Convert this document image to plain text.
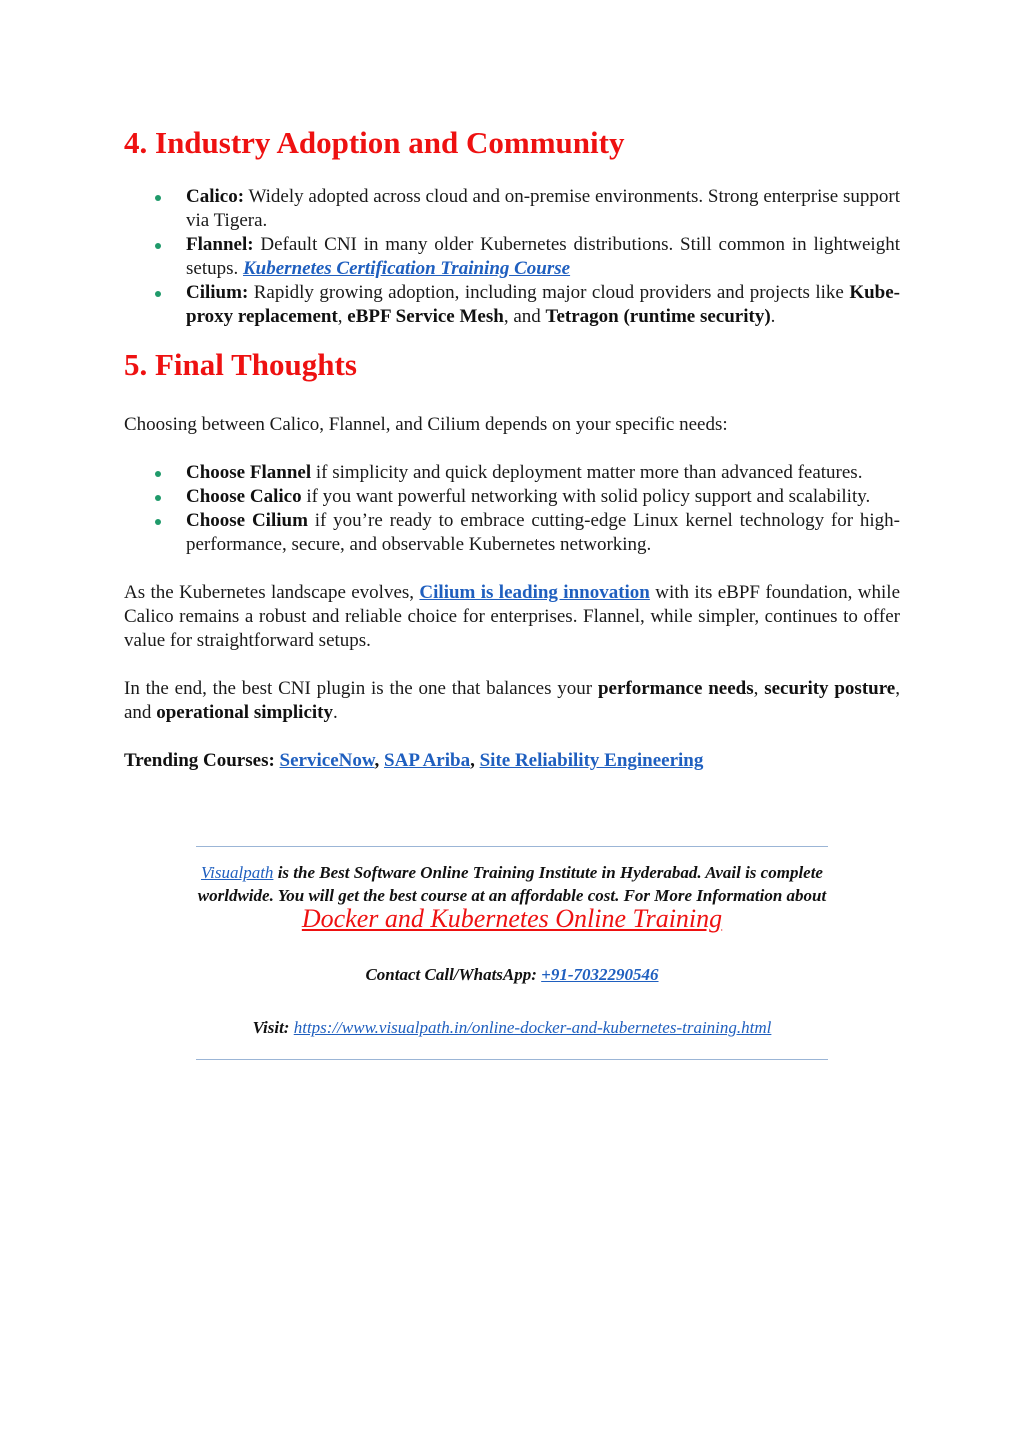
4. Industry Adoption and Community
Calico: Widely adopted across cloud and on-premise environments. Strong enterprise support via Tigera.
Flannel: Default CNI in many older Kubernetes distributions. Still common in lightweight setups. Kubernetes Certification Training Course
Cilium: Rapidly growing adoption, including major cloud providers and projects like Kube-proxy replacement, eBPF Service Mesh, and Tetragon (runtime security).
5. Final Thoughts

Choosing between Calico, Flannel, and Cilium depends on your specific needs:

Choose Flannel if simplicity and quick deployment matter more than advanced features.
Choose Calico if you want powerful networking with solid policy support and scalability.
Choose Cilium if you’re ready to embrace cutting-edge Linux kernel technology for high-performance, secure, and observable Kubernetes networking.

As the Kubernetes landscape evolves, Cilium is leading innovation with its eBPF foundation, while Calico remains a robust and reliable choice for enterprises. Flannel, while simpler, continues to offer value for straightforward setups.

In the end, the best CNI plugin is the one that balances your performance needs, security posture, and operational simplicity.

Trending Courses: ServiceNow, SAP Ariba, Site Reliability Engineering

Visualpath is the Best Software Online Training Institute in Hyderabad. Avail is complete worldwide. You will get the best course at an affordable cost. For More Information about Docker and Kubernetes Online Training
Contact Call/WhatsApp: +91-7032290546
Visit: https://www.visualpath.in/online-docker-and-kubernetes-training.html
